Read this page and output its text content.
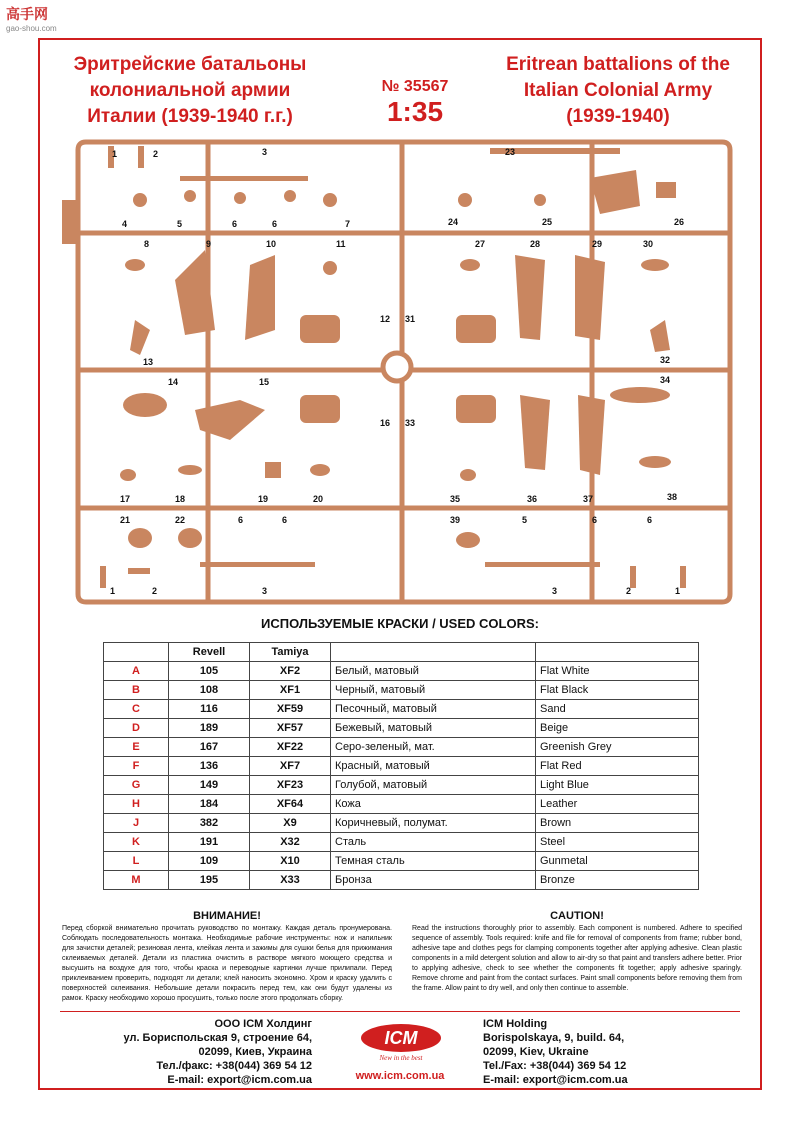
高手网
gao-shou.com
Эритрейские батальоны
колониальной армии
Италии (1939-1940 г.г.)
№ 35567
1:35
Eritrean battalions of the
Italian Colonial Army
(1939-1940)
1	2	3	23
4	5	6	6	7	24	25	26
8	9	10	11	27	28	29	30
12 31
13	32
14	15	34
16 33
17	18	19	20	35	36	37	38
21	22	6	6	39	5	6	6
1	2	3	3	2	1
ИСПОЛЬЗУЕМЫЕ КРАСКИ / USED COLORS:
	Revell	Tamiya		
A	105	XF2	Белый, матовый	Flat White
B	108	XF1	Черный, матовый	Flat Black
C	116	XF59	Песочный, матовый	Sand
D	189	XF57	Бежевый, матовый	Beige
E	167	XF22	Серо-зеленый, мат.	Greenish Grey
F	136	XF7	Красный, матовый	Flat Red
G	149	XF23	Голубой, матовый	Light Blue
H	184	XF64	Кожа	Leather
J	382	X9	Коричневый, полумат.	Brown
K	191	X32	Сталь	Steel
L	109	X10	Темная сталь	Gunmetal
M	195	X33	Бронза	Bronze
ВНИМАНИЕ!
Перед сборкой внимательно прочитать руководство по монтажу. Каждая деталь пронумерована. Соблюдать последовательность монтажа. Необходимые рабочие инструменты: нож и напильник для зачистки деталей; резиновая лента, клейкая лента и зажимы для сушки белья для прижимания склеиваемых деталей. Детали из пластика очистить в растворе мягкого моющего средства и высушить на воздухе для того, чтобы краска и переводные картинки лучше прилипали. Перед приклеиванием проверить, подходят ли детали; клей наносить экономно. Хром и краску удалить с поверхностей склеивания. Небольшие детали покрасить перед тем, как они будут удалены из рамок. Краску необходимо хорошо просушить, только после этого продолжать сборку.
CAUTION!
Read the instructions thoroughly prior to assembly. Each component is numbered. Adhere to specified sequence of assembly. Tools required: knife and file for removal of components from frame; rubber bond, adhesive tape and clothes pegs for clamping components together after applying adhesive. Clean plastic components in a mild detergent solution and allow to air-dry so that paint and transfers adhere better. Prior to applying adhesive, check to see whether the components fit together; apply adhesive sparingly. Remove chrome and paint from the contact surfaces. Paint small components before removing them from the frame. Allow paint to dry well, and only then continue to assemble.
ООО ICM Холдинг
ул. Бориспольская 9, строение 64,
02099, Киев, Украина
Тел./факс: +38(044) 369 54 12
E-mail: export@icm.com.ua
ICM
New in the best
www.icm.com.ua
ICM Holding
Borispolskaya, 9, build. 64,
02099, Kiev, Ukraine
Tel./Fax: +38(044) 369 54 12
E-mail: export@icm.com.ua
